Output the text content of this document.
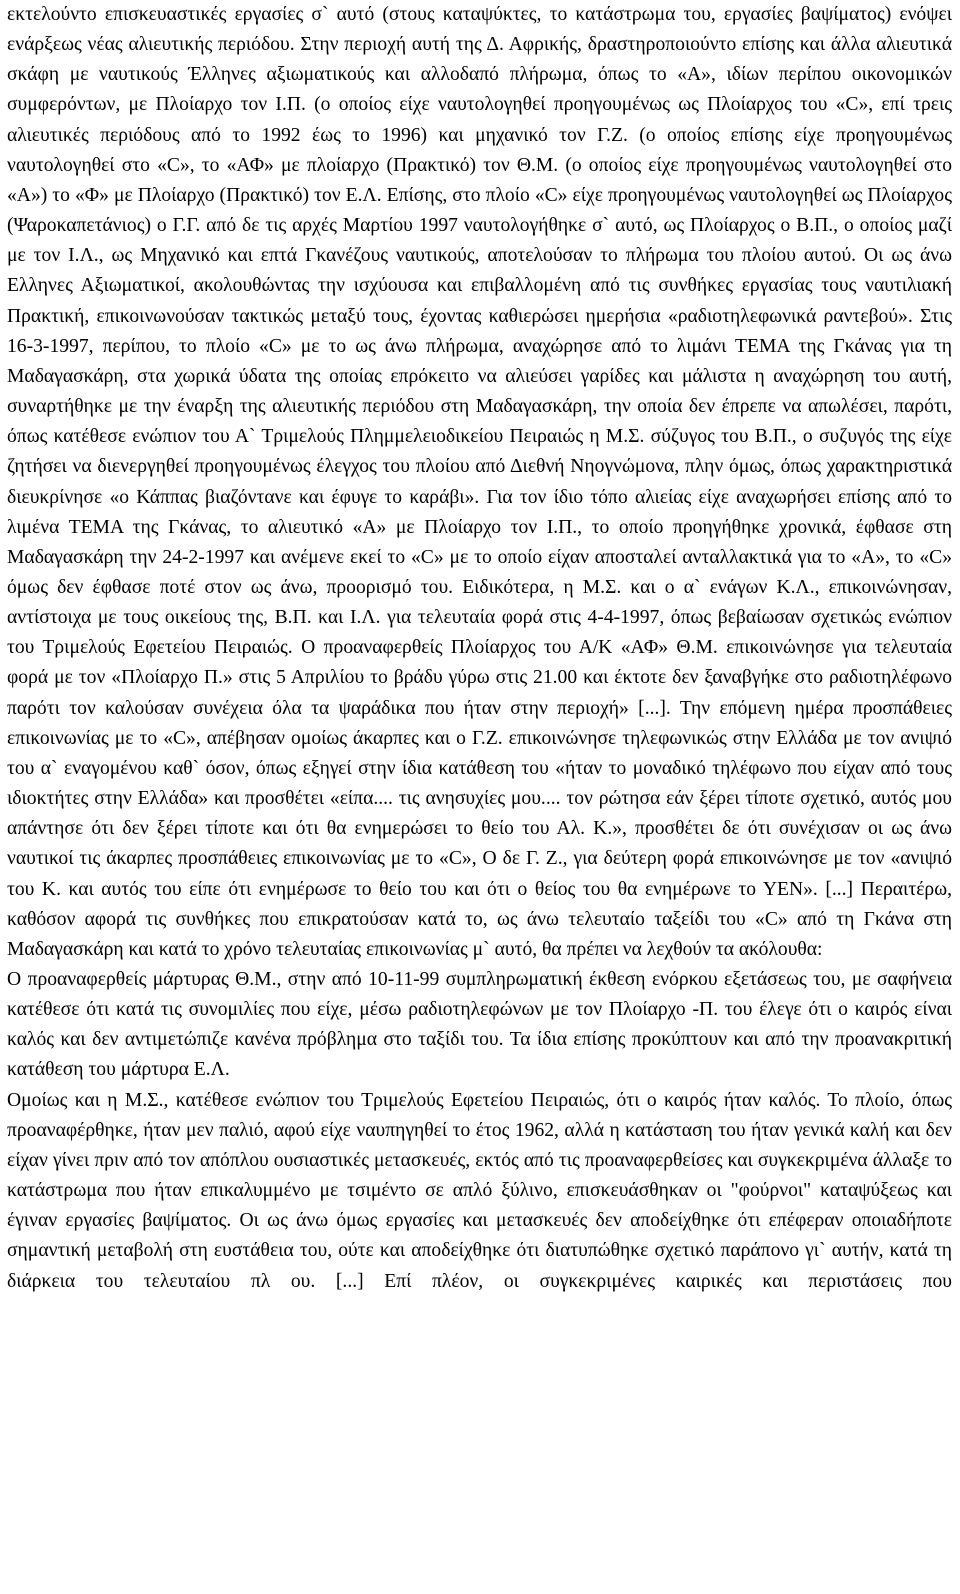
εκτελούντο επισκευαστικές εργασίες σ` αυτό (στους καταψύκτες, το κατάστρωμα του, εργασίες βαψίματος) ενόψει ενάρξεως νέας αλιευτικής περιόδου. Στην περιοχή αυτή της Δ. Αφρικής, δραστηροποιούντο επίσης και άλλα αλιευτικά σκάφη με ναυτικούς Έλληνες αξιωματικούς και αλλοδαπό πλήρωμα, όπως το «Α», ιδίων περίπου οικονομικών συμφερόντων, με Πλοίαρχο τον Ι.Π. (ο οποίος είχε ναυτολογηθεί προηγουμένως ως Πλοίαρχος του «C», επί τρεις αλιευτικές περιόδους από το 1992 έως το 1996) και μηχανικό τον Γ.Ζ. (ο οποίος επίσης είχε προηγουμένως ναυτολογηθεί στο «C», το «ΑΦ» με πλοίαρχο (Πρακτικό) τον Θ.Μ. (ο οποίος είχε προηγουμένως ναυτολογηθεί στο «Α») το «Φ» με Πλοίαρχο (Πρακτικό) τον Ε.Λ. Επίσης, στο πλοίο «C» είχε προηγουμένως ναυτολογηθεί ως Πλοίαρχος (Ψαροκαπετάνιος) ο Γ.Γ. από δε τις αρχές Μαρτίου 1997 ναυτολογήθηκε σ` αυτό, ως Πλοίαρχος ο Β.Π., ο οποίος μαζί με τον Ι.Λ., ως Μηχανικό και επτά Γκανέζους ναυτικούς, αποτελούσαν το πλήρωμα του πλοίου αυτού. Οι ως άνω Ελληνες Αξιωματικοί, ακολουθώντας την ισχύουσα και επιβαλλομένη από τις συνθήκες εργασίας τους ναυτιλιακή Πρακτική, επικοινωνούσαν τακτικώς μεταξύ τους, έχοντας καθιερώσει ημερήσια «ραδιοτηλεφωνικά ραντεβού». Στις 16-3-1997, περίπου, το πλοίο «C» με το ως άνω πλήρωμα, αναχώρησε από το λιμάνι ΤΕΜΑ της Γκάνας για τη Μαδαγασκάρη, στα χωρικά ύδατα της οποίας επρόκειτο να αλιεύσει γαρίδες και μάλιστα η αναχώρηση του αυτή, συναρτήθηκε με την έναρξη της αλιευτικής περιόδου στη Μαδαγασκάρη, την οποία δεν έπρεπε να απωλέσει, παρότι, όπως κατέθεσε ενώπιον του Α` Τριμελούς Πλημμελειοδικείου Πειραιώς η Μ.Σ. σύζυγος του Β.Π., ο συζυγός της είχε ζητήσει να διενεργηθεί προηγουμένως έλεγχος του πλοίου από Διεθνή Νηογνώμονα, πλην όμως, όπως χαρακτηριστικά διευκρίνησε «ο Κάππας βιαζόντανε και έφυγε το καράβι». Για τον ίδιο τόπο αλιείας είχε αναχωρήσει επίσης από το λιμένα ΤΕΜΑ της Γκάνας, το αλιευτικό «Α» με Πλοίαρχο τον Ι.Π., το οποίο προηγήθηκε χρονικά, έφθασε στη Μαδαγασκάρη την 24-2-1997 και ανέμενε εκεί το «C» με το οποίο είχαν αποσταλεί ανταλλακτικά για το «Α», το «C» όμως δεν έφθασε ποτέ στον ως άνω, προορισμό του. Ειδικότερα, η Μ.Σ. και ο α` ενάγων Κ.Λ., επικοινώνησαν, αντίστοιχα με τους οικείους της, Β.Π. και Ι.Λ. για τελευταία φορά στις 4-4-1997, όπως βεβαίωσαν σχετικώς ενώπιον του Τριμελούς Εφετείου Πειραιώς. Ο προαναφερθείς Πλοίαρχος του Α/Κ «ΑΦ» Θ.Μ. επικοινώνησε για τελευταία φορά με τον «Πλοίαρχο Π.» στις 5 Απριλίου το βράδυ γύρω στις 21.00 και έκτοτε δεν ξαναβγήκε στο ραδιοτηλέφωνο παρότι τον καλούσαν συνέχεια όλα τα ψαράδικα που ήταν στην περιοχή» [...]. Την επόμενη ημέρα προσπάθειες επικοινωνίας με το «C», απέβησαν ομοίως άκαρπες και ο Γ.Ζ. επικοινώνησε τηλεφωνικώς στην Ελλάδα με τον ανιψιό του α` εναγομένου καθ` όσον, όπως εξηγεί στην ίδια κατάθεση του «ήταν το μοναδικό τηλέφωνο που είχαν από τους ιδιοκτήτες στην Ελλάδα» και προσθέτει «είπα.... τις ανησυχίες μου.... τον ρώτησα εάν ξέρει τίποτε σχετικό, αυτός μου απάντησε ότι δεν ξέρει τίποτε και ότι θα ενημερώσει το θείο του Αλ. Κ.», προσθέτει δε ότι συνέχισαν οι ως άνω ναυτικοί τις άκαρπες προσπάθειες επικοινωνίας με το «C», Ο δε Γ. Ζ., για δεύτερη φορά επικοινώνησε με τον «ανιψιό του Κ. και αυτός του είπε ότι ενημέρωσε το θείο του και ότι ο θείος του θα ενημέρωνε το ΥΕΝ». [...] Περαιτέρω, καθόσον αφορά τις συνθήκες που επικρατούσαν κατά το, ως άνω τελευταίο ταξείδι του «C» από τη Γκάνα στη Μαδαγασκάρη και κατά το χρόνο τελευταίας επικοινωνίας μ` αυτό, θα πρέπει να λεχθούν τα ακόλουθα:

Ο προαναφερθείς μάρτυρας Θ.Μ., στην από 10-11-99 συμπληρωματική έκθεση ενόρκου εξετάσεως του, με σαφήνεια κατέθεσε ότι κατά τις συνομιλίες που είχε, μέσω ραδιοτηλεφώνων με τον Πλοίαρχο -Π. του έλεγε ότι ο καιρός είναι καλός και δεν αντιμετώπιζε κανένα πρόβλημα στο ταξίδι του. Τα ίδια επίσης προκύπτουν και από την προανακριτική κατάθεση του μάρτυρα Ε.Λ.

Ομοίως και η Μ.Σ., κατέθεσε ενώπιον του Τριμελούς Εφετείου Πειραιώς, ότι ο καιρός ήταν καλός. Το πλοίο, όπως προαναφέρθηκε, ήταν μεν παλιό, αφού είχε ναυπηγηθεί το έτος 1962, αλλά η κατάσταση του ήταν γενικά καλή και δεν είχαν γίνει πριν από τον απόπλου ουσιαστικές μετασκευές, εκτός από τις προαναφερθείσες και συγκεκριμένα άλλαξε το κατάστρωμα που ήταν επικαλυμμένο με τσιμέντο σε απλό ξύλινο, επισκευάσθηκαν οι "φούρνοι" καταψύξεως και έγιναν εργασίες βαψίματος. Οι ως άνω όμως εργασίες και μετασκευές δεν αποδείχθηκε ότι επέφεραν οποιαδήποτε σημαντική μεταβολή στη ευστάθεια του, ούτε και αποδείχθηκε ότι διατυπώθηκε σχετικό παράπονο γι` αυτήν, κατά τη διάρκεια του τελευταίου πλ ου. [...] Επί πλέον, οι συγκεκριμένες καιρικές και περιστάσεις που
